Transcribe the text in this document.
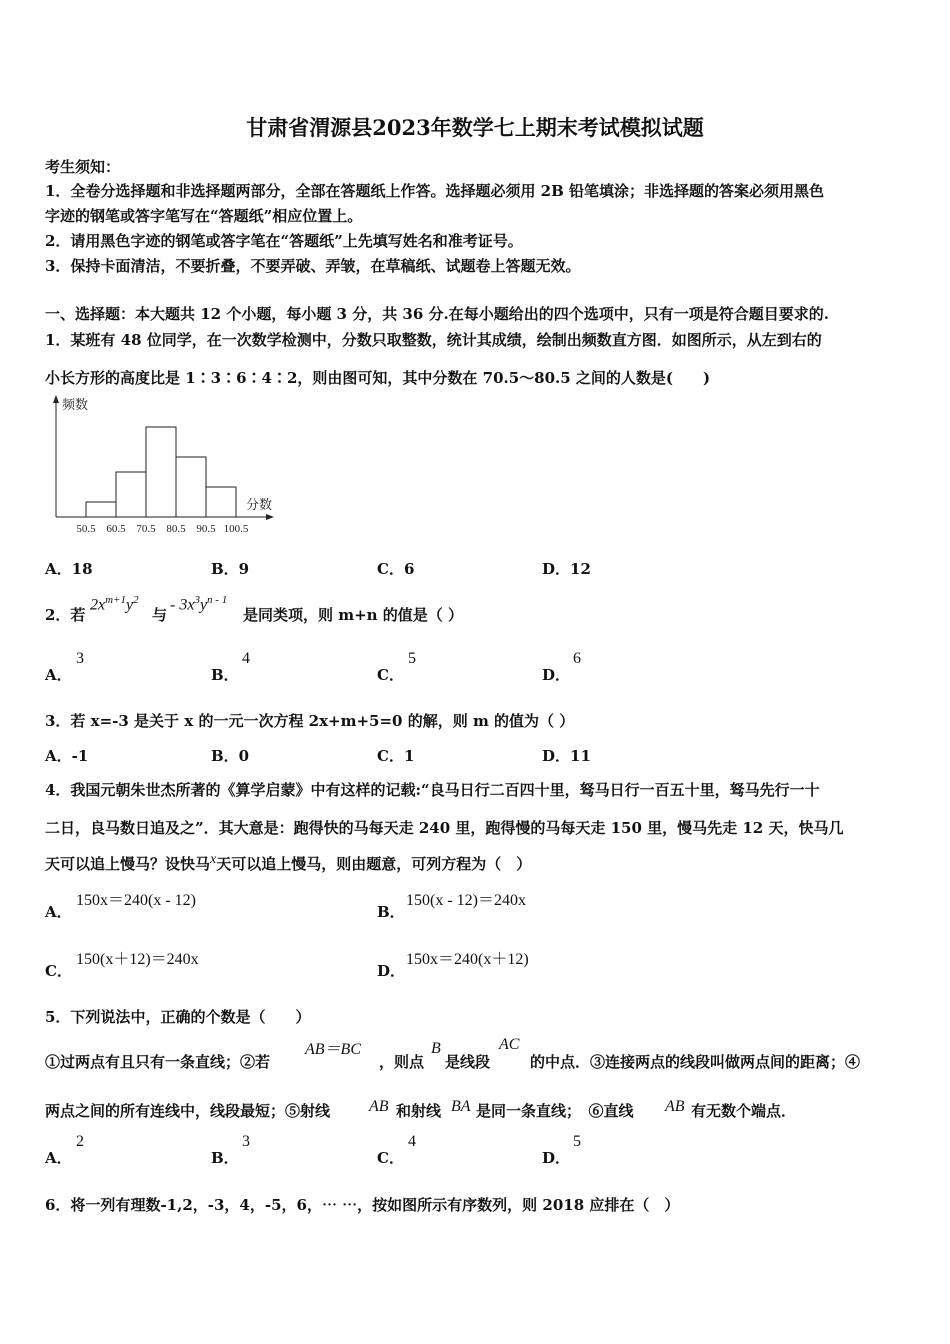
甘肃省渭源县2023年数学七上期末考试模拟试题
考生须知：
1．全卷分选择题和非选择题两部分，全部在答题纸上作答。选择题必须用 2B 铅笔填涂；非选择题的答案必须用黑色
字迹的钢笔或答字笔写在“答题纸”相应位置上。
2．请用黑色字迹的钢笔或答字笔在“答题纸”上先填写姓名和准考证号。
3．保持卡面清洁，不要折叠，不要弄破、弄皱，在草稿纸、试题卷上答题无效。
一、选择题：本大题共 12 个小题，每小题 3 分，共 36 分.在每小题给出的四个选项中，只有一项是符合题目要求的.
1．某班有 48 位同学，在一次数学检测中，分数只取整数，统计其成绩，绘制出频数直方图．如图所示，从左到右的
小长方形的高度比是 1∶3∶6∶4∶2，则由图可知，其中分数在 70.5～80.5 之间的人数是(　　)
频数
分数
50.5 60.5 70.5 80.5 90.5 100.5
A．18	B．9	C．6	D．12
2．若
$2x^{m+1}y^2$
与
- $3x^3y^{n - 1}$
是同类项，则 m+n 的值是（ ）
A．
3
B．
4
C．
5
D．
6
3．若 x=-3 是关于 x 的一元一次方程 2x+m+5=0 的解，则 m 的值为（ ）
A．-1	B．0	C．1	D．11
4．我国元朝朱世杰所著的《算学启蒙》中有这样的记载:“良马日行二百四十里，驽马日行一百五十里，驽马先行一十
二日，良马数日追及之”．其大意是：跑得快的马每天走 240 里，跑得慢的马每天走 150 里，慢马先走 12 天，快马几
天可以追上慢马？设快马x天可以追上慢马，则由题意，可列方程为（　）
A．
150x＝240(x - 12)
B．
150(x - 12)＝240x
C．
150(x＋12)＝240x
D．
150x＝240(x＋12)
5．下列说法中，正确的个数是（　　）
①过两点有且只有一条直线；②若
AB＝BC
，则点
B
是线段
AC
的中点．③连接两点的线段叫做两点间的距离；④
两点之间的所有连线中，线段最短；⑤射线 AB 和射线 BA 是同一条直线；　⑥直线 AB 有无数个端点．
A．
2
B．
3
C．
4
D．
5
6．将一列有理数-1,2，-3，4，-5，6，⋯ ⋯，按如图所示有序数列，则 2018 应排在（　）
